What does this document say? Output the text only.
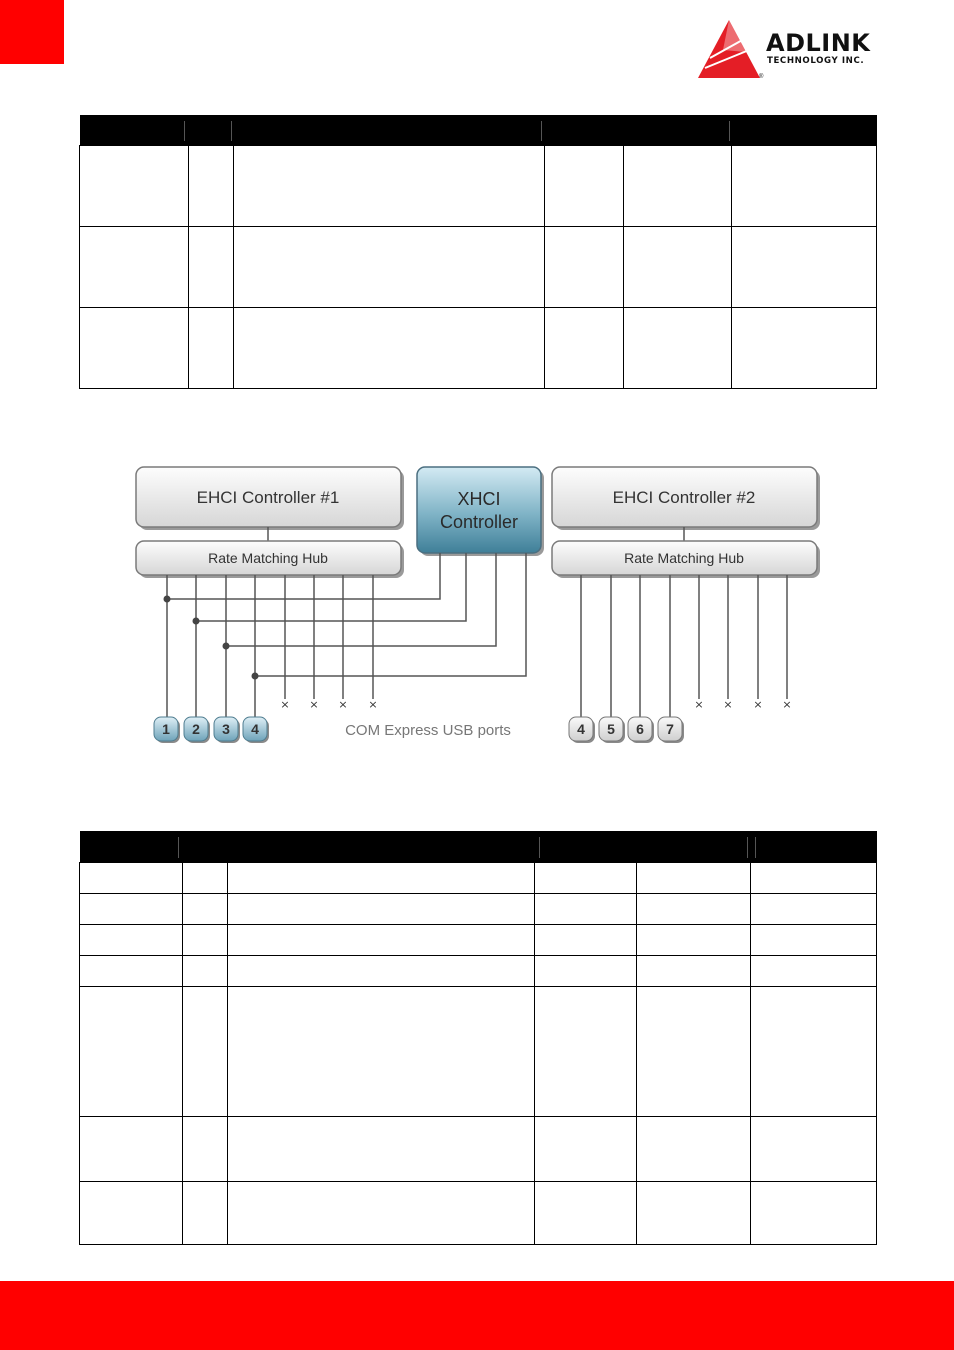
ADLINK
TECHNOLOGY INC.
®

EHCI Controller #1	XHCI
Controller
EHCI Controller #2
Rate Matching Hub	Rate Matching Hub
× × × ×	× × × ×
1 2 3 4	COM Express USB ports	4 5 6 7
